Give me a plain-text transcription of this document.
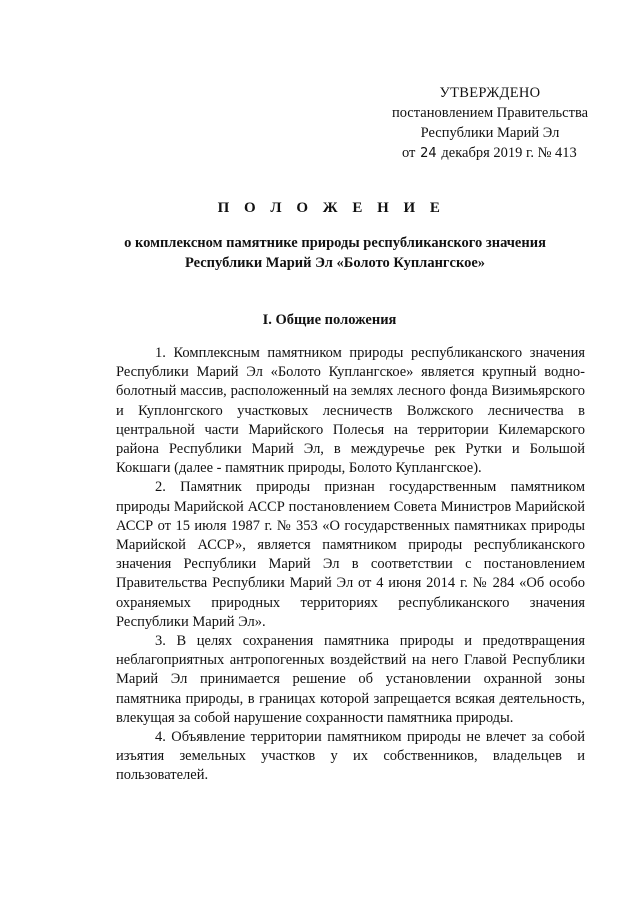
УТВЕРЖДЕНО
постановлением Правительства
Республики Марий Эл
от 24 декабря 2019 г. № 413
П О Л О Ж Е Н И Е
о комплексном памятнике природы республиканского значения Республики Марий Эл «Болото Куплангское»
I. Общие положения

1. Комплексным памятником природы республиканского значения Республики Марий Эл «Болото Куплангское» является крупный водно-болотный массив, расположенный на землях лесного фонда Визимьярского и Куплонгского участковых лесничеств Волжского лесничества в центральной части Марийского Полесья на территории Килемарского района Республики Марий Эл, в междуречье рек Рутки и Большой Кокшаги (далее - памятник природы, Болото Куплангское).

2. Памятник природы признан государственным памятником природы Марийской АССР постановлением Совета Министров Марийской АССР от 15 июля 1987 г. № 353 «О государственных памятниках природы Марийской АССР», является памятником природы республиканского значения Республики Марий Эл в соответствии с постановлением Правительства Республики Марий Эл от 4 июня 2014 г. № 284 «Об особо охраняемых природных территориях республиканского значения Республики Марий Эл».

3. В целях сохранения памятника природы и предотвращения неблагоприятных антропогенных воздействий на него Главой Республики Марий Эл принимается решение об установлении охранной зоны памятника природы, в границах которой запрещается всякая деятельность, влекущая за собой нарушение сохранности памятника природы.

4. Объявление территории памятником природы не влечет за собой изъятия земельных участков у их собственников, владельцев и пользователей.
